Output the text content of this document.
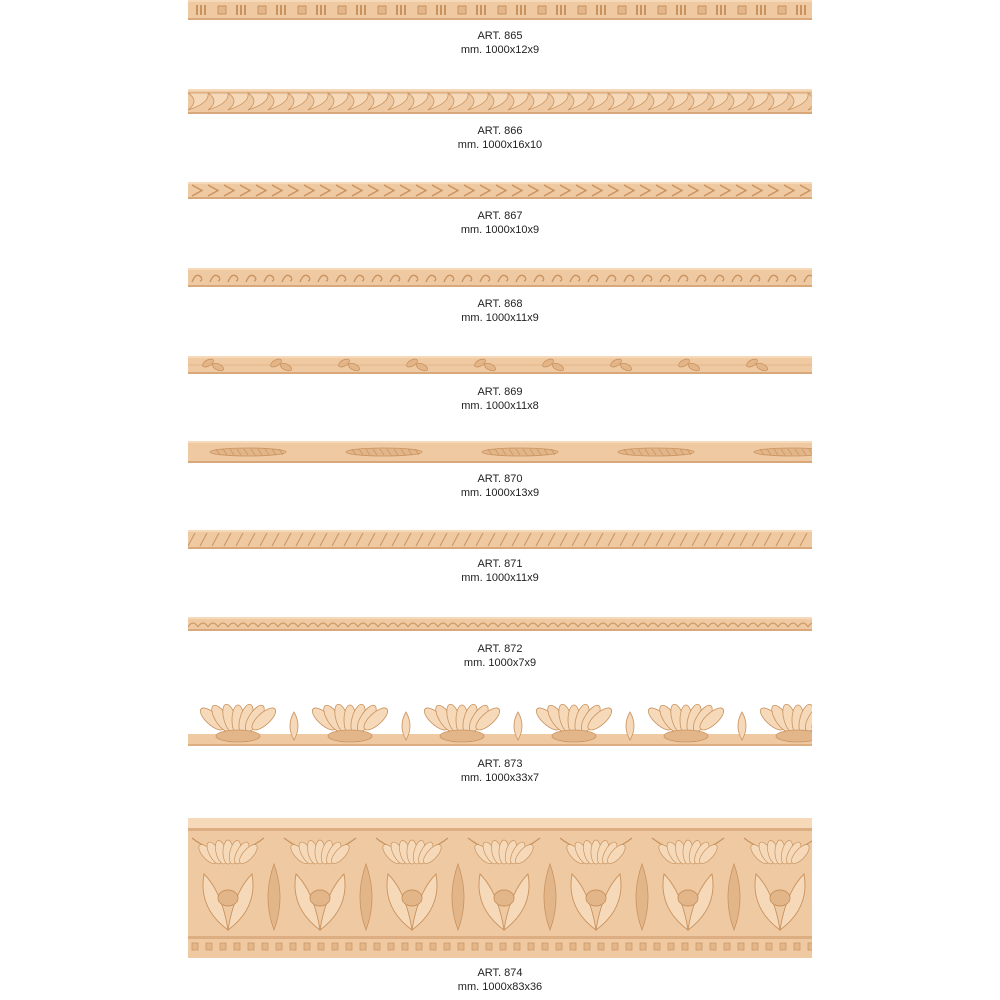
ART. 865
mm. 1000x12x9
ART. 866
mm. 1000x16x10
ART. 867
mm. 1000x10x9
ART. 868
mm. 1000x11x9
ART. 869
mm. 1000x11x8
ART. 870
mm. 1000x13x9
ART. 871
mm. 1000x11x9
ART. 872
mm. 1000x7x9
ART. 873
mm. 1000x33x7
ART. 874
mm. 1000x83x36
